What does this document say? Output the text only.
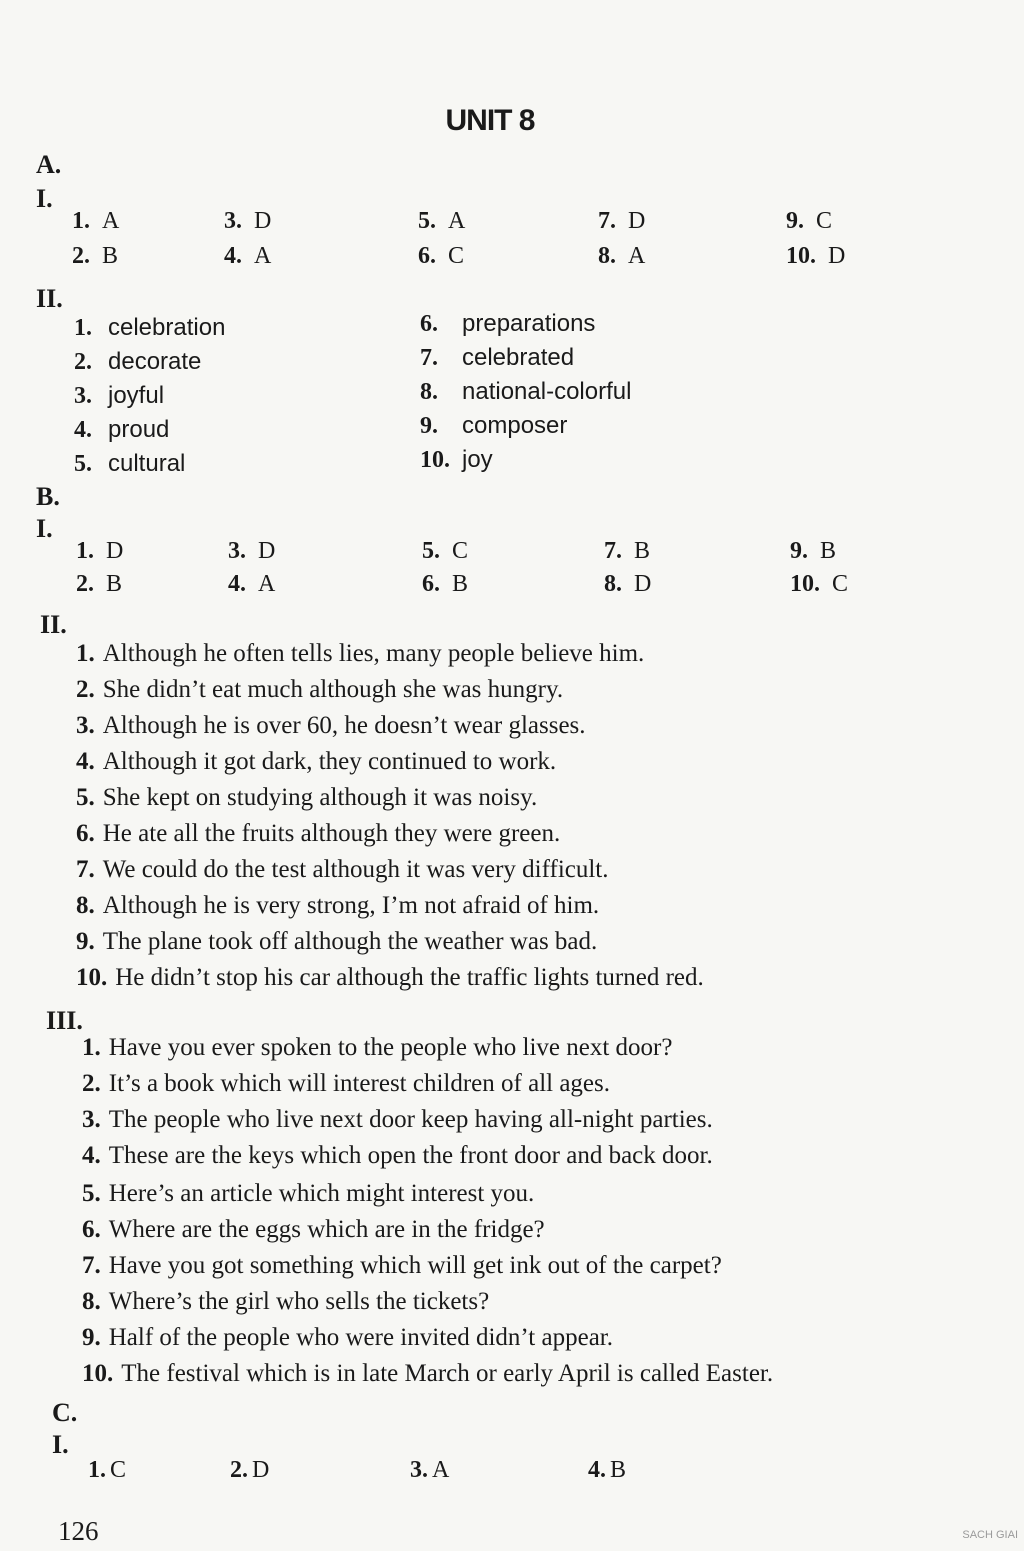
UNIT 8
A.
I.
1. A	3. D	5. A	7. D	9. C
2. B	4. A	6. C	8. A	10. D
II.
1. celebration
2. decorate
3. joyful
4. proud
5. cultural
6. preparations
7. celebrated
8. national-colorful
9. composer
10. joy
B.
I.
1. D	3. D	5. C	7. B	9. B
2. B	4. A	6. B	8. D	10. C
II.
1. Although he often tells lies, many people believe him.
2. She didn’t eat much although she was hungry.
3. Although he is over 60, he doesn’t wear glasses.
4. Although it got dark, they continued to work.
5. She kept on studying although it was noisy.
6. He ate all the fruits although they were green.
7. We could do the test although it was very difficult.
8. Although he is very strong, I’m not afraid of him.
9. The plane took off although the weather was bad.
10. He didn’t stop his car although the traffic lights turned red.
III.
1. Have you ever spoken to the people who live next door?
2. It’s a book which will interest children of all ages.
3. The people who live next door keep having all-night parties.
4. These are the keys which open the front door and back door.
5. Here’s an article which might interest you.
6. Where are the eggs which are in the fridge?
7. Have you got something which will get ink out of the carpet?
8. Where’s the girl who sells the tickets?
9. Half of the people who were invited didn’t appear.
10. The festival which is in late March or early April is called Easter.
C.
I.
1. C	2. D	3. A	4. B
126	SACH GIAI
